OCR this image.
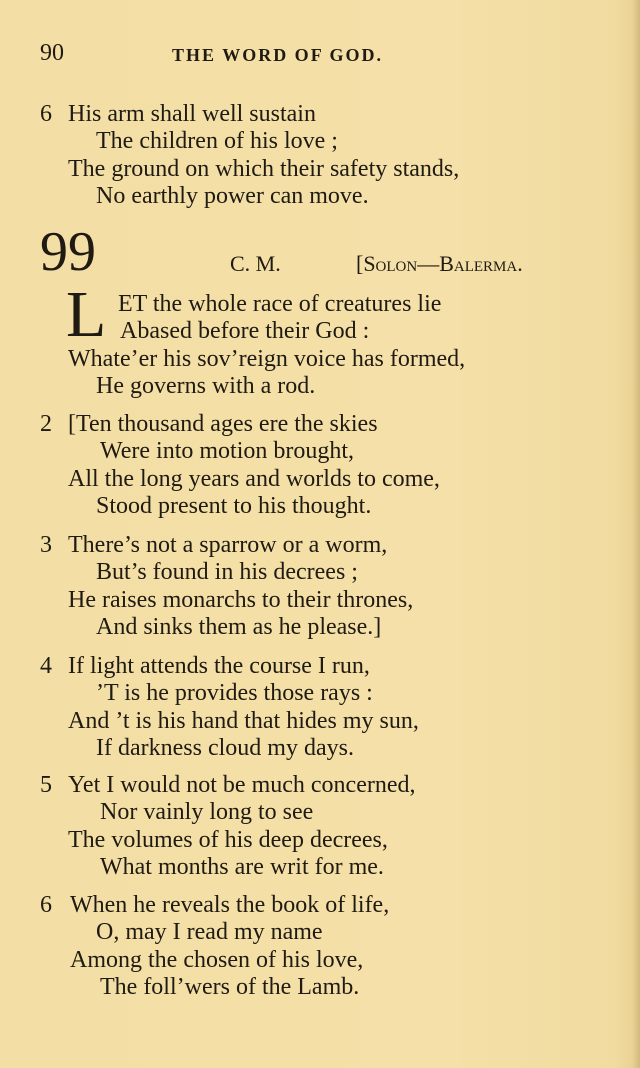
90	THE WORD OF GOD.
6 His arm shall well sustain
The children of his love ;
The ground on which their safety stands,
No earthly power can move.
99	C. M.	[Solon—Balerma.
L ET the whole race of creatures lie
Abased before their God :
Whate’er his sov’reign voice has formed,
He governs with a rod.
2 [Ten thousand ages ere the skies
Were into motion brought,
All the long years and worlds to come,
Stood present to his thought.
3 There’s not a sparrow or a worm,
But’s found in his decrees ;
He raises monarchs to their thrones,
And sinks them as he please.]
4 If light attends the course I run,
’T is he provides those rays :
And ’t is his hand that hides my sun,
If darkness cloud my days.
5 Yet I would not be much concerned,
Nor vainly long to see
The volumes of his deep decrees,
What months are writ for me.
6 When he reveals the book of life,
O, may I read my name
Among the chosen of his love,
The foll’wers of the Lamb.
